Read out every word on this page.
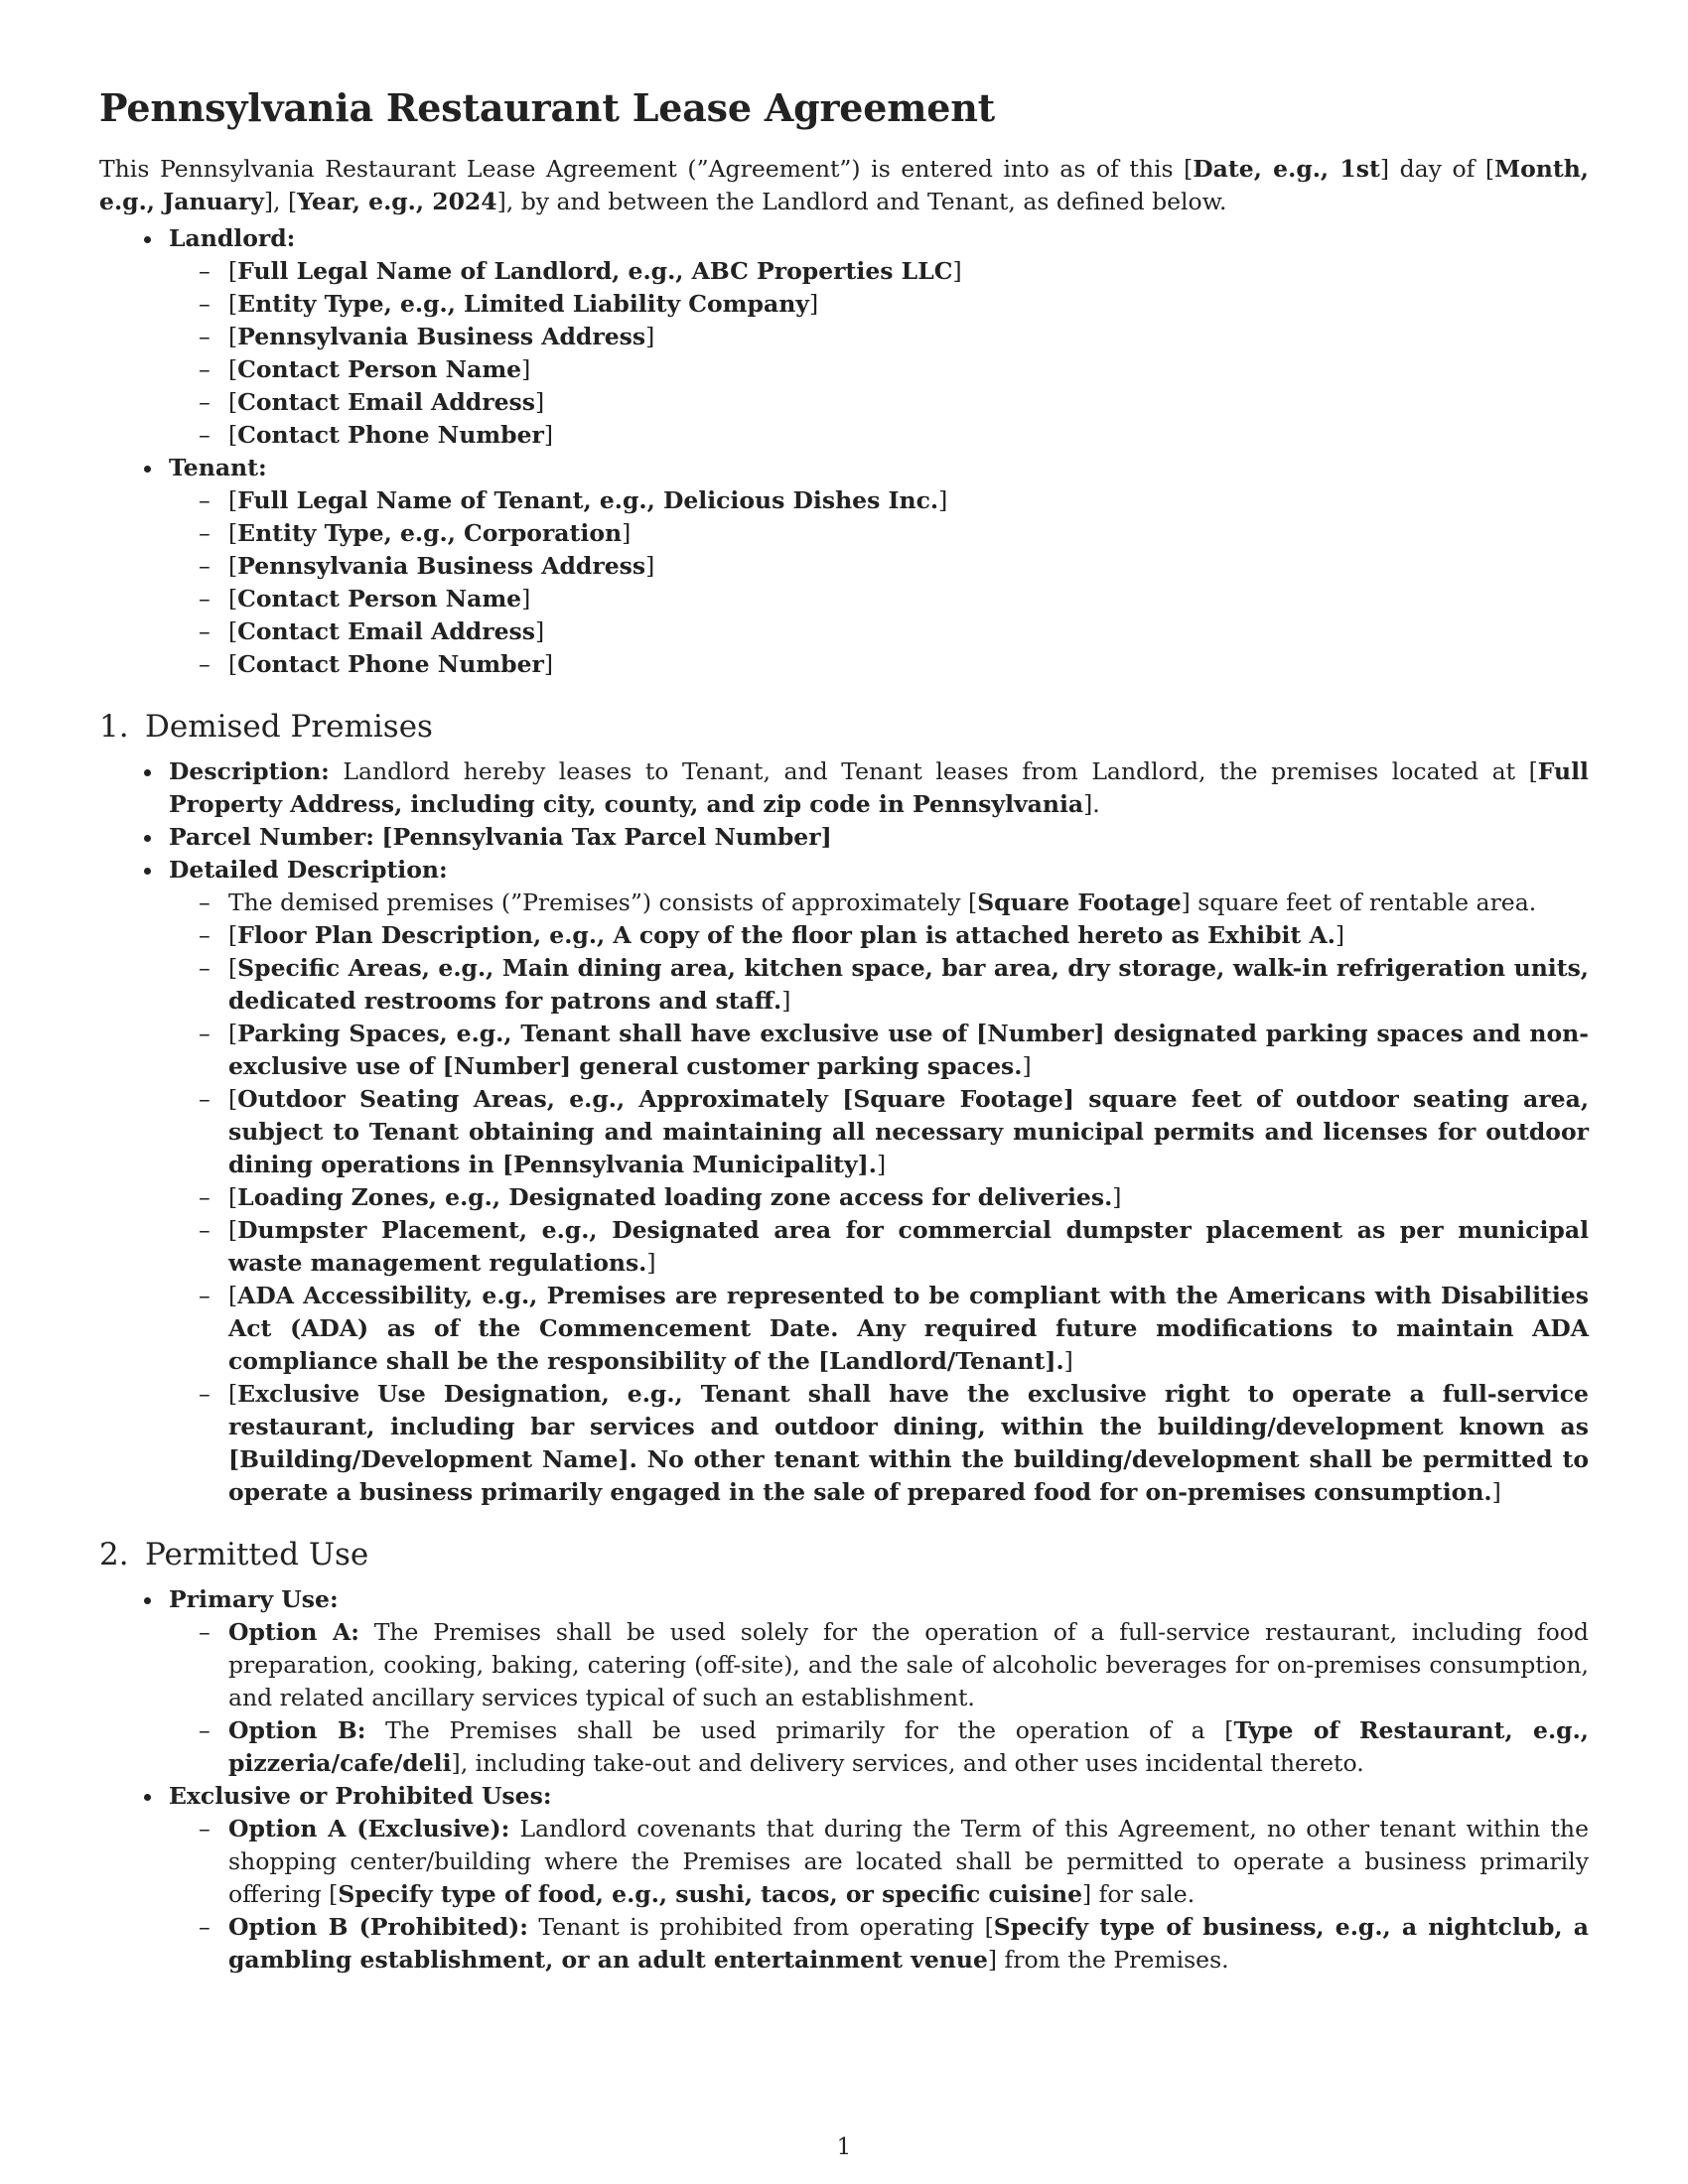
Pennsylvania Restaurant Lease Agreement

This Pennsylvania Restaurant Lease Agreement (”Agreement”) is entered into as of this [Date, e.g., 1st] day of [Month, e.g., January], [Year, e.g., 2024], by and between the Landlord and Tenant, as defined below.

Landlord:
– [Full Legal Name of Landlord, e.g., ABC Properties LLC]
– [Entity Type, e.g., Limited Liability Company]
– [Pennsylvania Business Address]
– [Contact Person Name]
– [Contact Email Address]
– [Contact Phone Number]
Tenant:
– [Full Legal Name of Tenant, e.g., Delicious Dishes Inc.]
– [Entity Type, e.g., Corporation]
– [Pennsylvania Business Address]
– [Contact Person Name]
– [Contact Email Address]
– [Contact Phone Number]
1. Demised Premises
Description: Landlord hereby leases to Tenant, and Tenant leases from Landlord, the premises located at [Full Property Address, including city, county, and zip code in Pennsylvania].
Parcel Number: [Pennsylvania Tax Parcel Number]
Detailed Description:
– The demised premises (”Premises”) consists of approximately [Square Footage] square feet of rentable area.
– [Floor Plan Description, e.g., A copy of the floor plan is attached hereto as Exhibit A.]
– [Specific Areas, e.g., Main dining area, kitchen space, bar area, dry storage, walk-in refrigeration units, dedicated restrooms for patrons and staff.]
– [Parking Spaces, e.g., Tenant shall have exclusive use of [Number] designated parking spaces and non-exclusive use of [Number] general customer parking spaces.]
– [Outdoor Seating Areas, e.g., Approximately [Square Footage] square feet of outdoor seating area, subject to Tenant obtaining and maintaining all necessary municipal permits and licenses for outdoor dining operations in [Pennsylvania Municipality].]
– [Loading Zones, e.g., Designated loading zone access for deliveries.]
– [Dumpster Placement, e.g., Designated area for commercial dumpster placement as per municipal waste management regulations.]
– [ADA Accessibility, e.g., Premises are represented to be compliant with the Americans with Disabilities Act (ADA) as of the Commencement Date. Any required future modifications to maintain ADA compliance shall be the responsibility of the [Landlord/Tenant].]
– [Exclusive Use Designation, e.g., Tenant shall have the exclusive right to operate a full-service restaurant, including bar services and outdoor dining, within the building/development known as [Building/Development Name]. No other tenant within the building/development shall be permitted to operate a business primarily engaged in the sale of prepared food for on-premises consumption.]
2. Permitted Use
Primary Use:
– Option A: The Premises shall be used solely for the operation of a full-service restaurant, including food preparation, cooking, baking, catering (off-site), and the sale of alcoholic beverages for on-premises consumption, and related ancillary services typical of such an establishment.
– Option B: The Premises shall be used primarily for the operation of a [Type of Restaurant, e.g., pizzeria/cafe/deli], including take-out and delivery services, and other uses incidental thereto.
Exclusive or Prohibited Uses:
– Option A (Exclusive): Landlord covenants that during the Term of this Agreement, no other tenant within the shopping center/building where the Premises are located shall be permitted to operate a business primarily offering [Specify type of food, e.g., sushi, tacos, or specific cuisine] for sale.
– Option B (Prohibited): Tenant is prohibited from operating [Specify type of business, e.g., a nightclub, a gambling establishment, or an adult entertainment venue] from the Premises.
1
